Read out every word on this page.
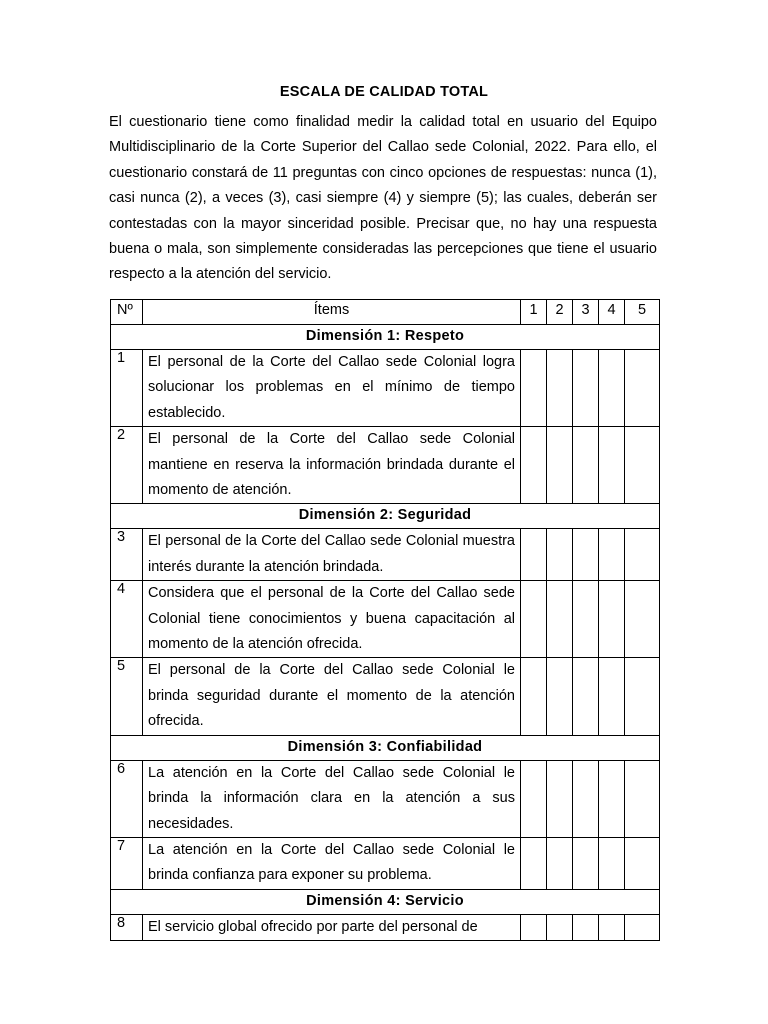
ESCALA DE CALIDAD TOTAL

El cuestionario tiene como finalidad medir la calidad total en usuario del Equipo Multidisciplinario de la Corte Superior del Callao sede Colonial, 2022. Para ello, el cuestionario constará de 11 preguntas con cinco opciones de respuestas: nunca (1), casi nunca (2), a veces (3), casi siempre (4) y siempre (5); las cuales, deberán ser contestadas con la mayor sinceridad posible. Precisar que, no hay una respuesta buena o mala, son simplemente consideradas las percepciones que tiene el usuario respecto a la atención del servicio.

Nº	Ítems	1	2	3	4	5
Dimensión 1: Respeto						
1	El personal de la Corte del Callao sede Colonial logra solucionar los problemas en el mínimo de tiempo establecido.					
2	El personal de la Corte del Callao sede Colonial mantiene en reserva la información brindada durante el momento de atención.					
Dimensión 2: Seguridad						
3	El personal de la Corte del Callao sede Colonial muestra interés durante la atención brindada.					
4	Considera que el personal de la Corte del Callao sede Colonial tiene conocimientos y buena capacitación al momento de la atención ofrecida.					
5	El personal de la Corte del Callao sede Colonial le brinda seguridad durante el momento de la atención ofrecida.					
Dimensión 3: Confiabilidad						
6	La atención en la Corte del Callao sede Colonial le brinda la información clara en la atención a sus necesidades.					
7	La atención en la Corte del Callao sede Colonial le brinda confianza para exponer su problema.					
Dimensión 4: Servicio						
8	El servicio global ofrecido por parte del personal de					
